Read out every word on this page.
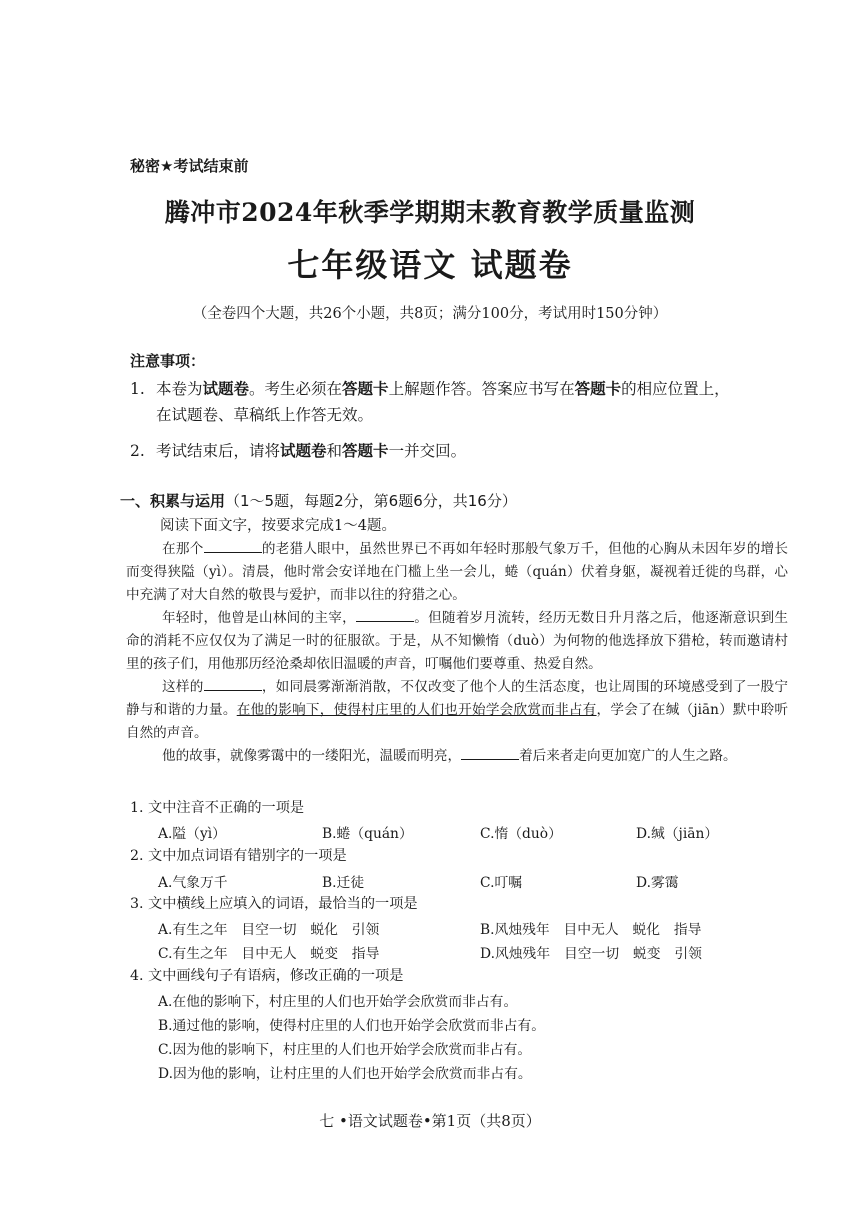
秘密★考试结束前
腾冲市2024年秋季学期期末教育教学质量监测
七年级语文 试题卷
（全卷四个大题，共26个小题，共8页；满分100分，考试用时150分钟）
注意事项：
1. 本卷为试题卷。考生必须在答题卡上解题作答。答案应书写在答题卡的相应位置上，
在试题卷、草稿纸上作答无效。
2. 考试结束后，请将试题卷和答题卡一并交回。
一、积累与运用（1～5题，每题2分，第6题6分，共16分）
阅读下面文字，按要求完成1～4题。

在那个	的老猎人眼中，虽然世界已不再如年轻时那般气象万千，但他的心胸从未因年岁的增长而变得狭隘（yì）。清晨，他时常会安详地在门槛上坐一会儿，蜷（quán）伏着身躯，凝视着迁徙的鸟群，心中充满了对大自然的敬畏与爱护，而非以往的狩猎之心。

年轻时，他曾是山林间的主宰，	。但随着岁月流转，经历无数日升月落之后，他逐渐意识到生命的消耗不应仅仅为了满足一时的征服欲。于是，从不知懒惰（duò）为何物的他选择放下猎枪，转而邀请村里的孩子们，用他那历经沧桑却依旧温暖的声音，叮嘱他们要尊重、热爱自然。

这样的	，如同晨雾渐渐消散，不仅改变了他个人的生活态度，也让周围的环境感受到了一股宁静与和谐的力量。在他的影响下，使得村庄里的人们也开始学会欣赏而非占有，学会了在缄（jiān）默中聆听自然的声音。

他的故事，就像雾霭中的一缕阳光，温暖而明亮，	着后来者走向更加宽广的人生之路。

1. 文中注音不正确的一项是
A.隘（yì）	B.蜷（quán）	C.惰（duò）	D.缄（jiān）
2. 文中加点词语有错别字的一项是
A.气象万千	B.迁徒	C.叮嘱	D.雾霭
3. 文中横线上应填入的词语，最恰当的一项是
A.有生之年　目空一切　蜕化　引领	B.风烛残年　目中无人　蜕化　指导
C.有生之年　目中无人　蜕变　指导	D.风烛残年　目空一切　蜕变　引领
4. 文中画线句子有语病，修改正确的一项是
A.在他的影响下，村庄里的人们也开始学会欣赏而非占有。
B.通过他的影响，使得村庄里的人们也开始学会欣赏而非占有。
C.因为他的影响下，村庄里的人们也开始学会欣赏而非占有。
D.因为他的影响，让村庄里的人们也开始学会欣赏而非占有。
七 •语文试题卷•第1页（共8页）
